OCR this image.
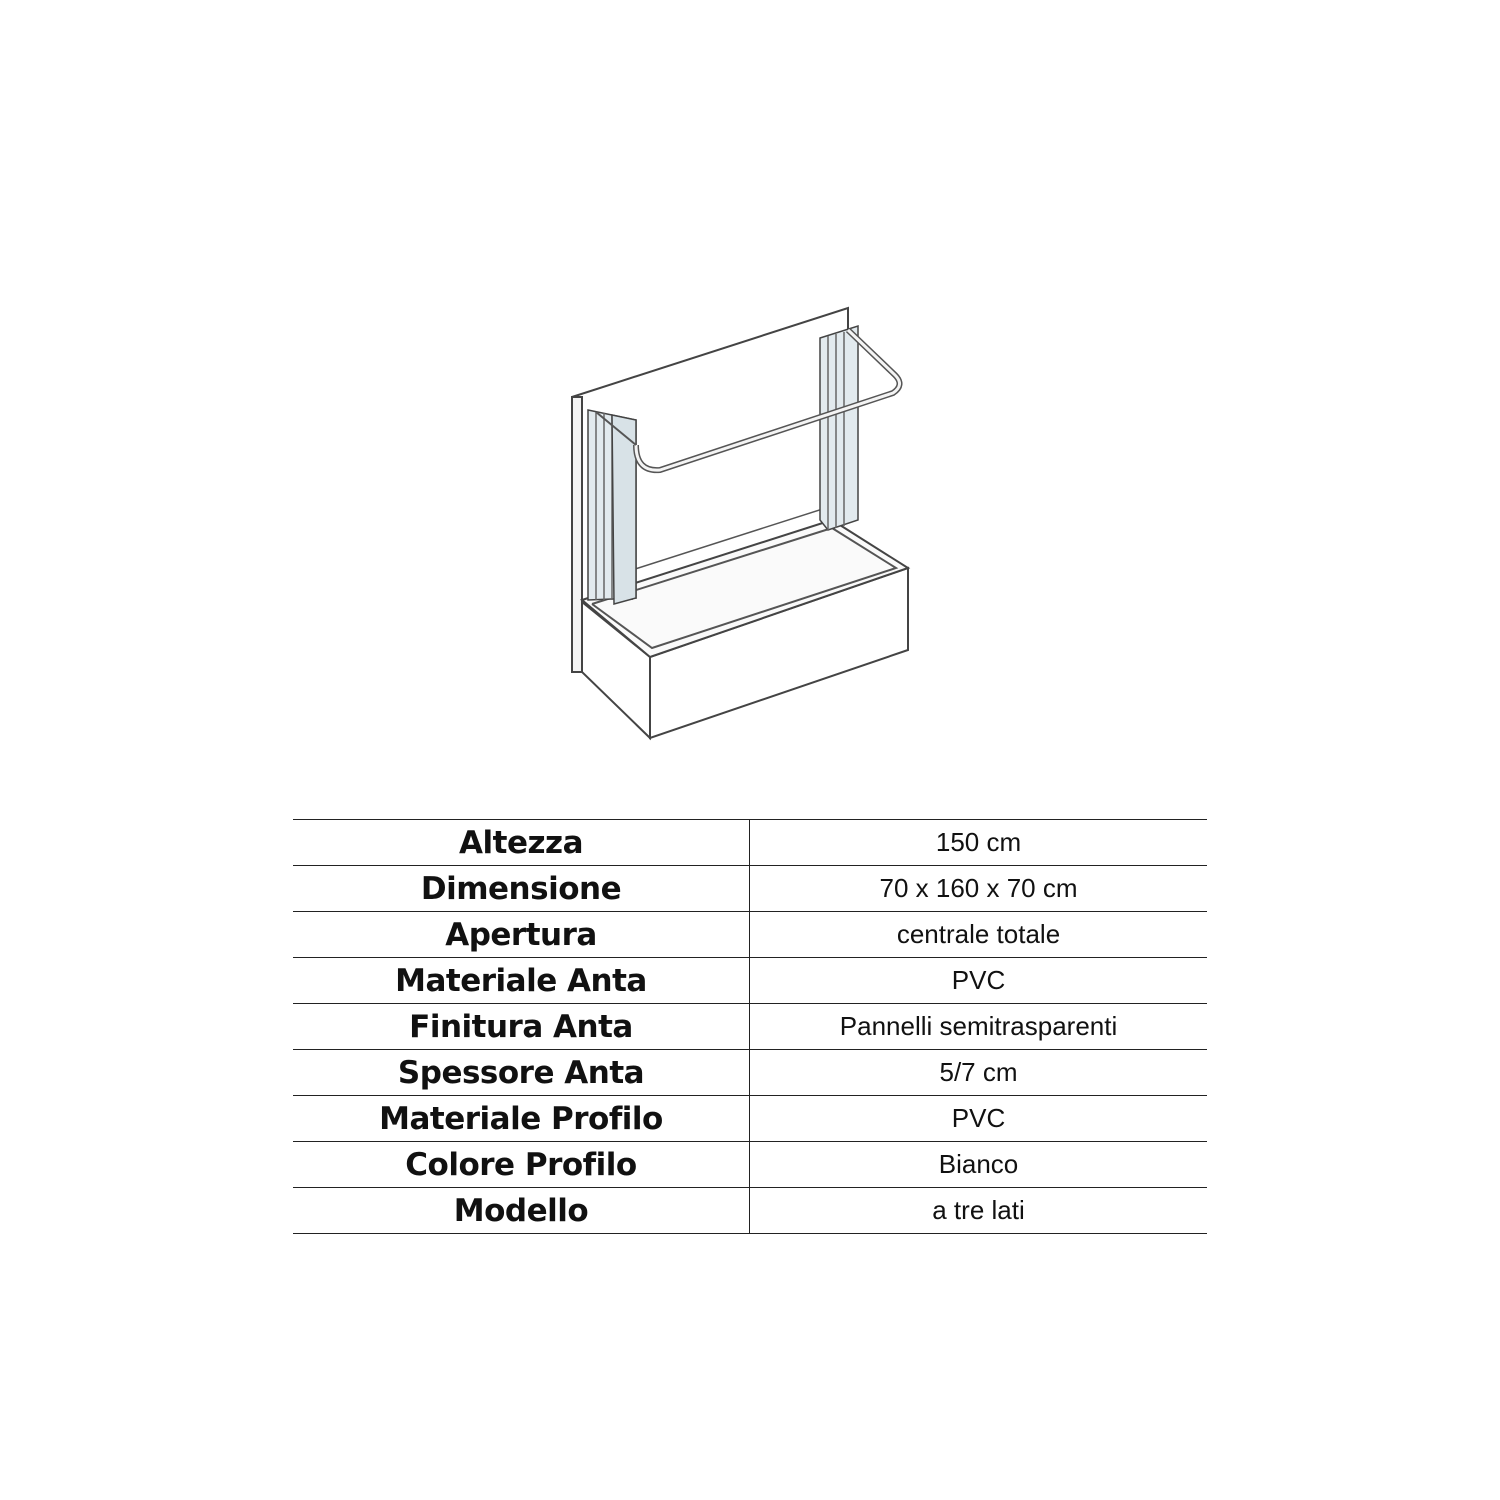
Altezza	150 cm
Dimensione	70 x 160 x 70 cm
Apertura	centrale totale
Materiale Anta	PVC
Finitura Anta	Pannelli semitrasparenti
Spessore Anta	5/7 cm
Materiale Profilo	PVC
Colore Profilo	Bianco
Modello	a tre lati
